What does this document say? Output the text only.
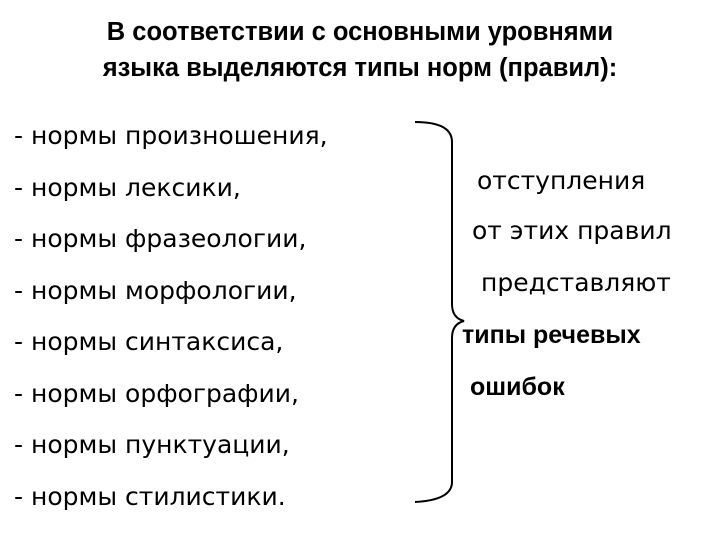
В соответствии с основными уровнями
языка выделяются типы норм (правил):
- нормы произношения,
- нормы лексики,
- нормы фразеологии,
- нормы морфологии,
- нормы синтаксиса,
- нормы орфографии,
- нормы пунктуации,
- нормы стилистики.
отступления
от этих правил
представляют
типы речевых
ошибок
